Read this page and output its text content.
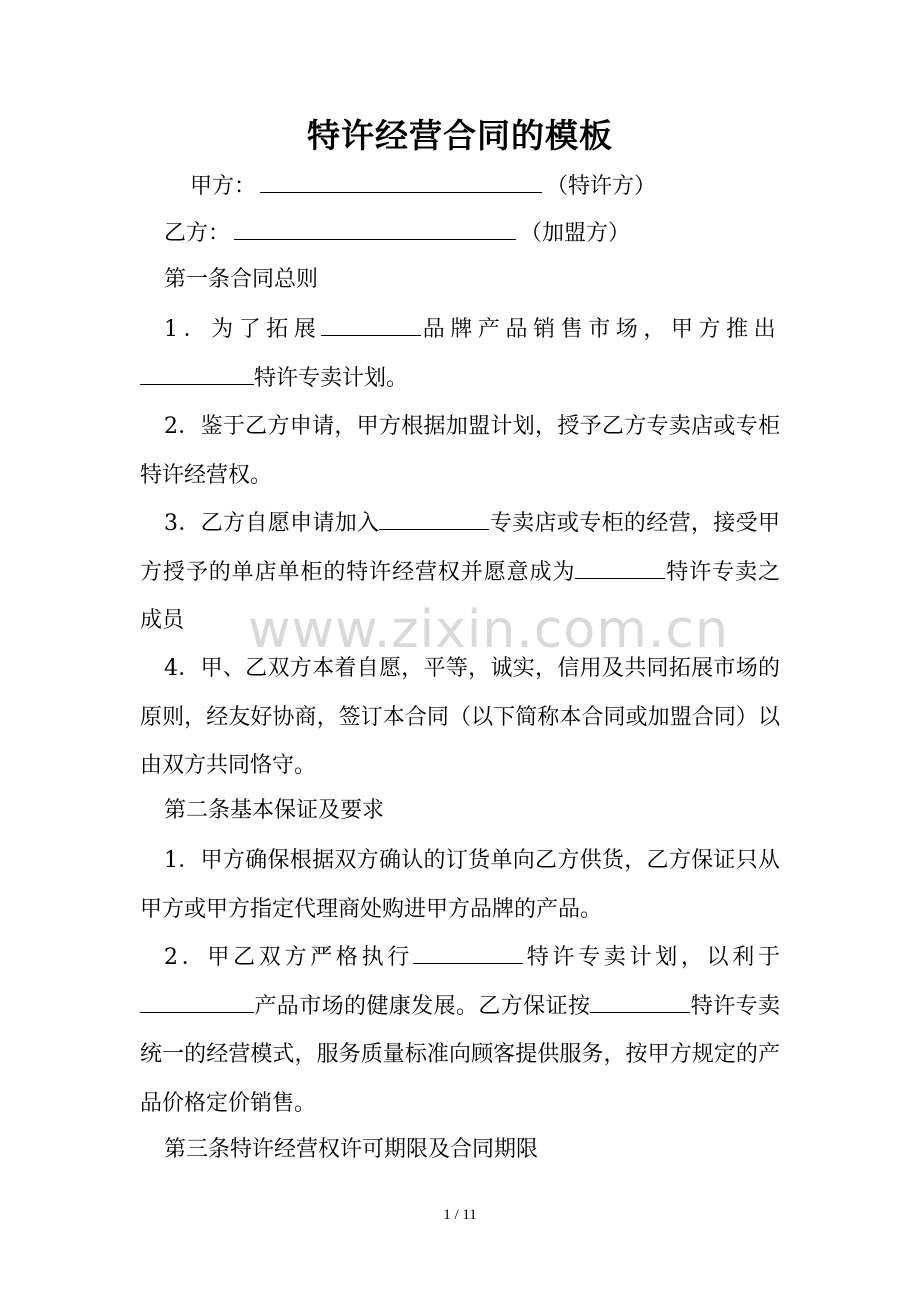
特许经营合同的模板
甲方：	（特许方）
乙方：	（加盟方）
第一条合同总则
1．为了拓展	品牌产品销售市场，甲方推出特许专卖计划。
2．鉴于乙方申请，甲方根据加盟计划，授予乙方专卖店或专柜特许经营权。
3．乙方自愿申请加入	专卖店或专柜的经营，接受甲方授予的单店单柜的特许经营权并愿意成为	特许专卖之成员	www.zixin.com.cn
4．甲、乙双方本着自愿，平等，诚实，信用及共同拓展市场的原则，经友好协商，签订本合同（以下简称本合同或加盟合同）以由双方共同恪守。
第二条基本保证及要求
1．甲方确保根据双方确认的订货单向乙方供货，乙方保证只从甲方或甲方指定代理商处购进甲方品牌的产品。
2．甲乙双方严格执行	特许专卖计划，以利于产品市场的健康发展。乙方保证按	特许专卖统一的经营模式，服务质量标准向顾客提供服务，按甲方规定的产品价格定价销售。
第三条特许经营权许可期限及合同期限
1 / 11
